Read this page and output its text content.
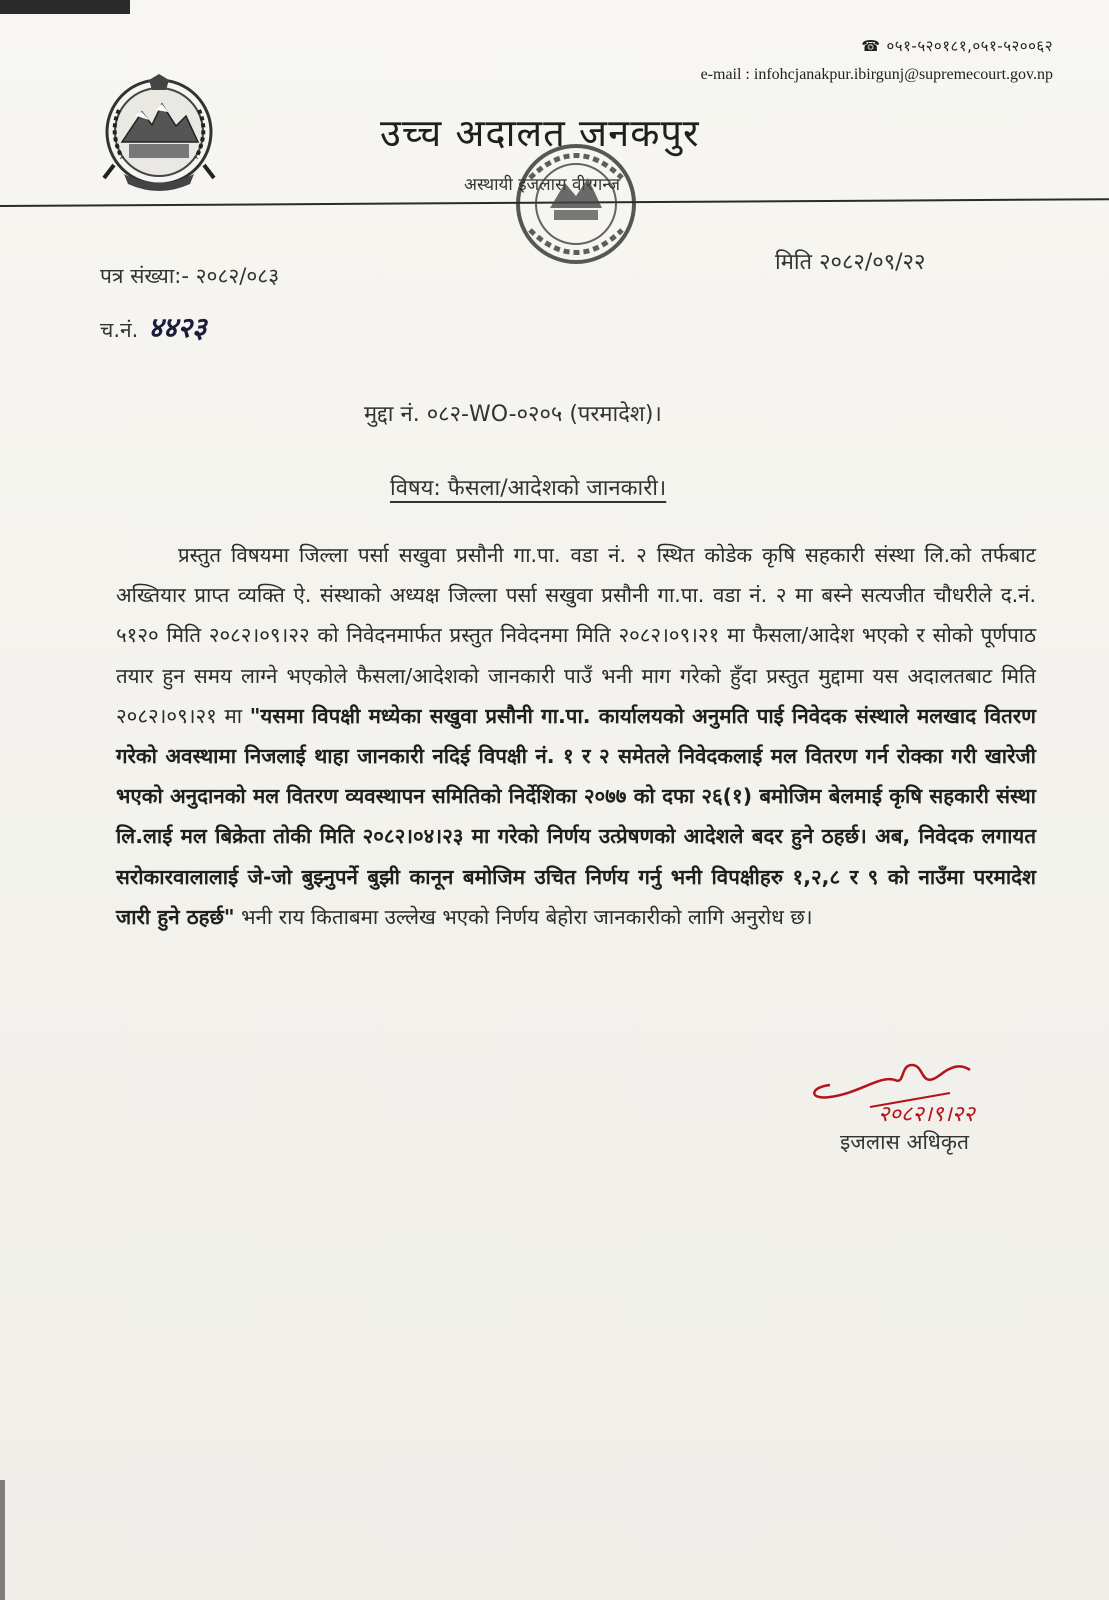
☎ ०५१-५२०१८१,०५१-५२००६२
e-mail : infohcjanakpur.ibirgunj@supremecourt.gov.np
उच्च अदालत जनकपुर
अस्थायी इजलास वीरगन्ज
पत्र संख्या:- २०८२/०८३
मिति २०८२/०९/२२
च.नं. ४४२३
मुद्दा नं. ०८२-WO-०२०५ (परमादेश)।
विषय: फैसला/आदेशको जानकारी।

प्रस्तुत विषयमा जिल्ला पर्सा सखुवा प्रसौनी गा.पा. वडा नं. २ स्थित कोडेक कृषि सहकारी संस्था लि.को तर्फबाट अख्तियार प्राप्त व्यक्ति ऐ. संस्थाको अध्यक्ष जिल्ला पर्सा सखुवा प्रसौनी गा.पा. वडा नं. २ मा बस्ने सत्यजीत चौधरीले द.नं. ५१२० मिति २०८२।०९।२२ को निवेदनमार्फत प्रस्तुत निवेदनमा मिति २०८२।०९।२१ मा फैसला/आदेश भएको र सोको पूर्णपाठ तयार हुन समय लाग्ने भएकोले फैसला/आदेशको जानकारी पाउँ भनी माग गरेको हुँदा प्रस्तुत मुद्दामा यस अदालतबाट मिति २०८२।०९।२१ मा "यसमा विपक्षी मध्येका सखुवा प्रसौनी गा.पा. कार्यालयको अनुमति पाई निवेदक संस्थाले मलखाद वितरण गरेको अवस्थामा निजलाई थाहा जानकारी नदिई विपक्षी नं. १ र २ समेतले निवेदकलाई मल वितरण गर्न रोक्का गरी खारेजी भएको अनुदानको मल वितरण व्यवस्थापन समितिको निर्देशिका २०७७ को दफा २६(१) बमोजिम बेलमाई कृषि सहकारी संस्था लि.लाई मल बिक्रेता तोकी मिति २०८२।०४।२३ मा गरेको निर्णय उत्प्रेषणको आदेशले बदर हुने ठहर्छ। अब, निवेदक लगायत सरोकारवालालाई जे-जो बुझ्नुपर्ने बुझी कानून बमोजिम उचित निर्णय गर्नु भनी विपक्षीहरु १,२,८ र ९ को नाउँमा परमादेश जारी हुने ठहर्छ" भनी राय किताबमा उल्लेख भएको निर्णय बेहोरा जानकारीको लागि अनुरोध छ।

२०८२।९।२२
इजलास अधिकृत
